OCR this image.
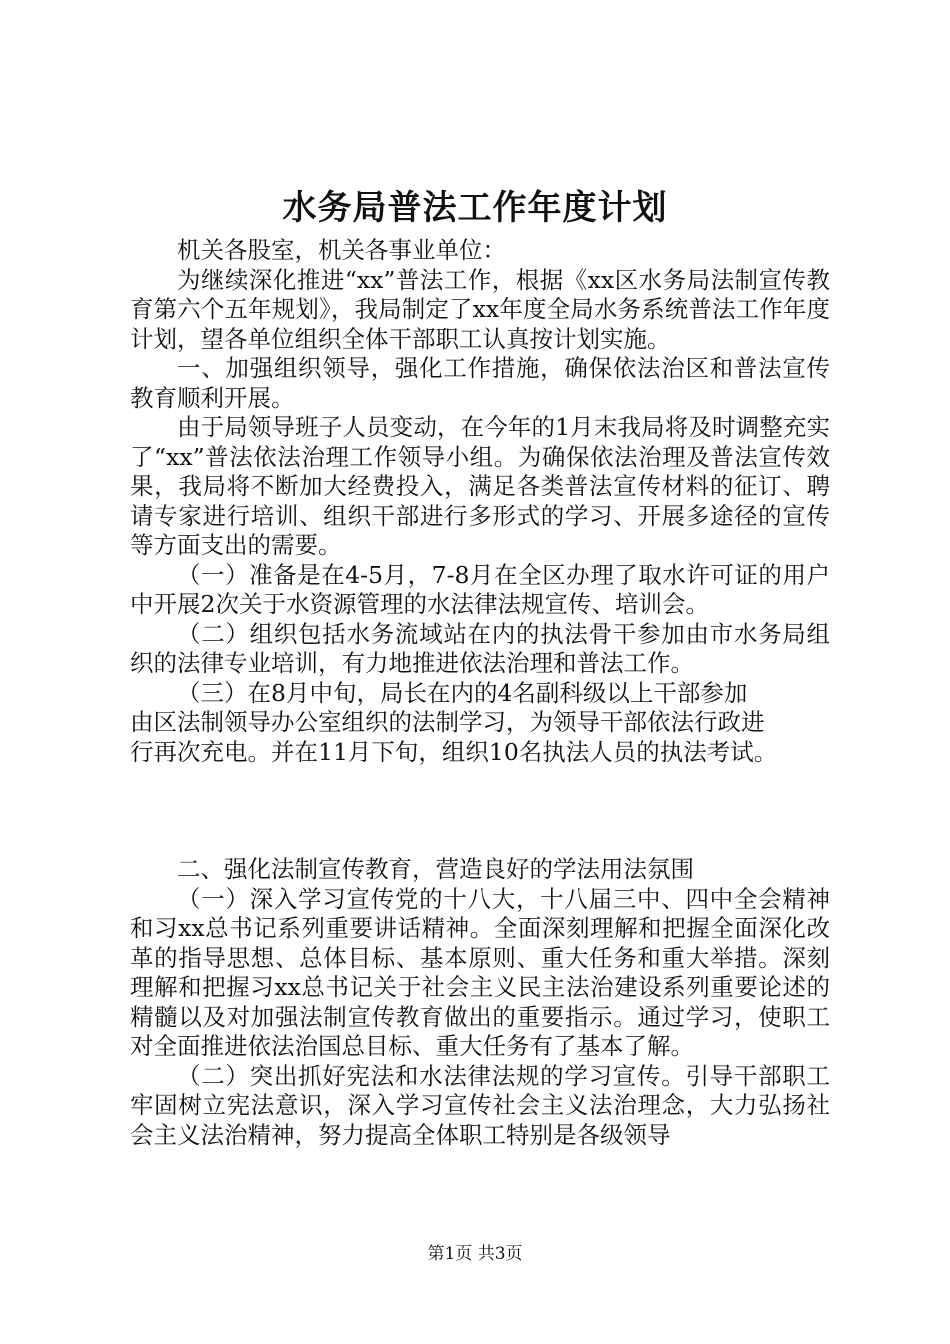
水务局普法工作年度计划

机关各股室，机关各事业单位：

为继续深化推进“xx”普法工作，根据《xx区水务局法制宣传教育第六个五年规划》，我局制定了xx年度全局水务系统普法工作年度计划，望各单位组织全体干部职工认真按计划实施。

一、加强组织领导，强化工作措施，确保依法治区和普法宣传教育顺利开展。

由于局领导班子人员变动，在今年的1月末我局将及时调整充实了“xx”普法依法治理工作领导小组。为确保依法治理及普法宣传效果，我局将不断加大经费投入，满足各类普法宣传材料的征订、聘请专家进行培训、组织干部进行多形式的学习、开展多途径的宣传等方面支出的需要。

（一）准备是在4-5月，7-8月在全区办理了取水许可证的用户中开展2次关于水资源管理的水法律法规宣传、培训会。

（二）组织包括水务流域站在内的执法骨干参加由市水务局组织的法律专业培训，有力地推进依法治理和普法工作。

（三）在8月中旬，局长在内的4名副科级以上干部参加

由区法制领导办公室组织的法制学习，为领导干部依法行政进

行再次充电。并在11月下旬，组织10名执法人员的执法考试。

二、强化法制宣传教育，营造良好的学法用法氛围

（一）深入学习宣传党的十八大，十八届三中、四中全会精神和习xx总书记系列重要讲话精神。全面深刻理解和把握全面深化改革的指导思想、总体目标、基本原则、重大任务和重大举措。深刻理解和把握习xx总书记关于社会主义民主法治建设系列重要论述的精髓以及对加强法制宣传教育做出的重要指示。通过学习，使职工对全面推进依法治国总目标、重大任务有了基本了解。

（二）突出抓好宪法和水法律法规的学习宣传。引导干部职工牢固树立宪法意识，深入学习宣传社会主义法治理念，大力弘扬社会主义法治精神，努力提高全体职工特别是各级领导

第1页 共3页
